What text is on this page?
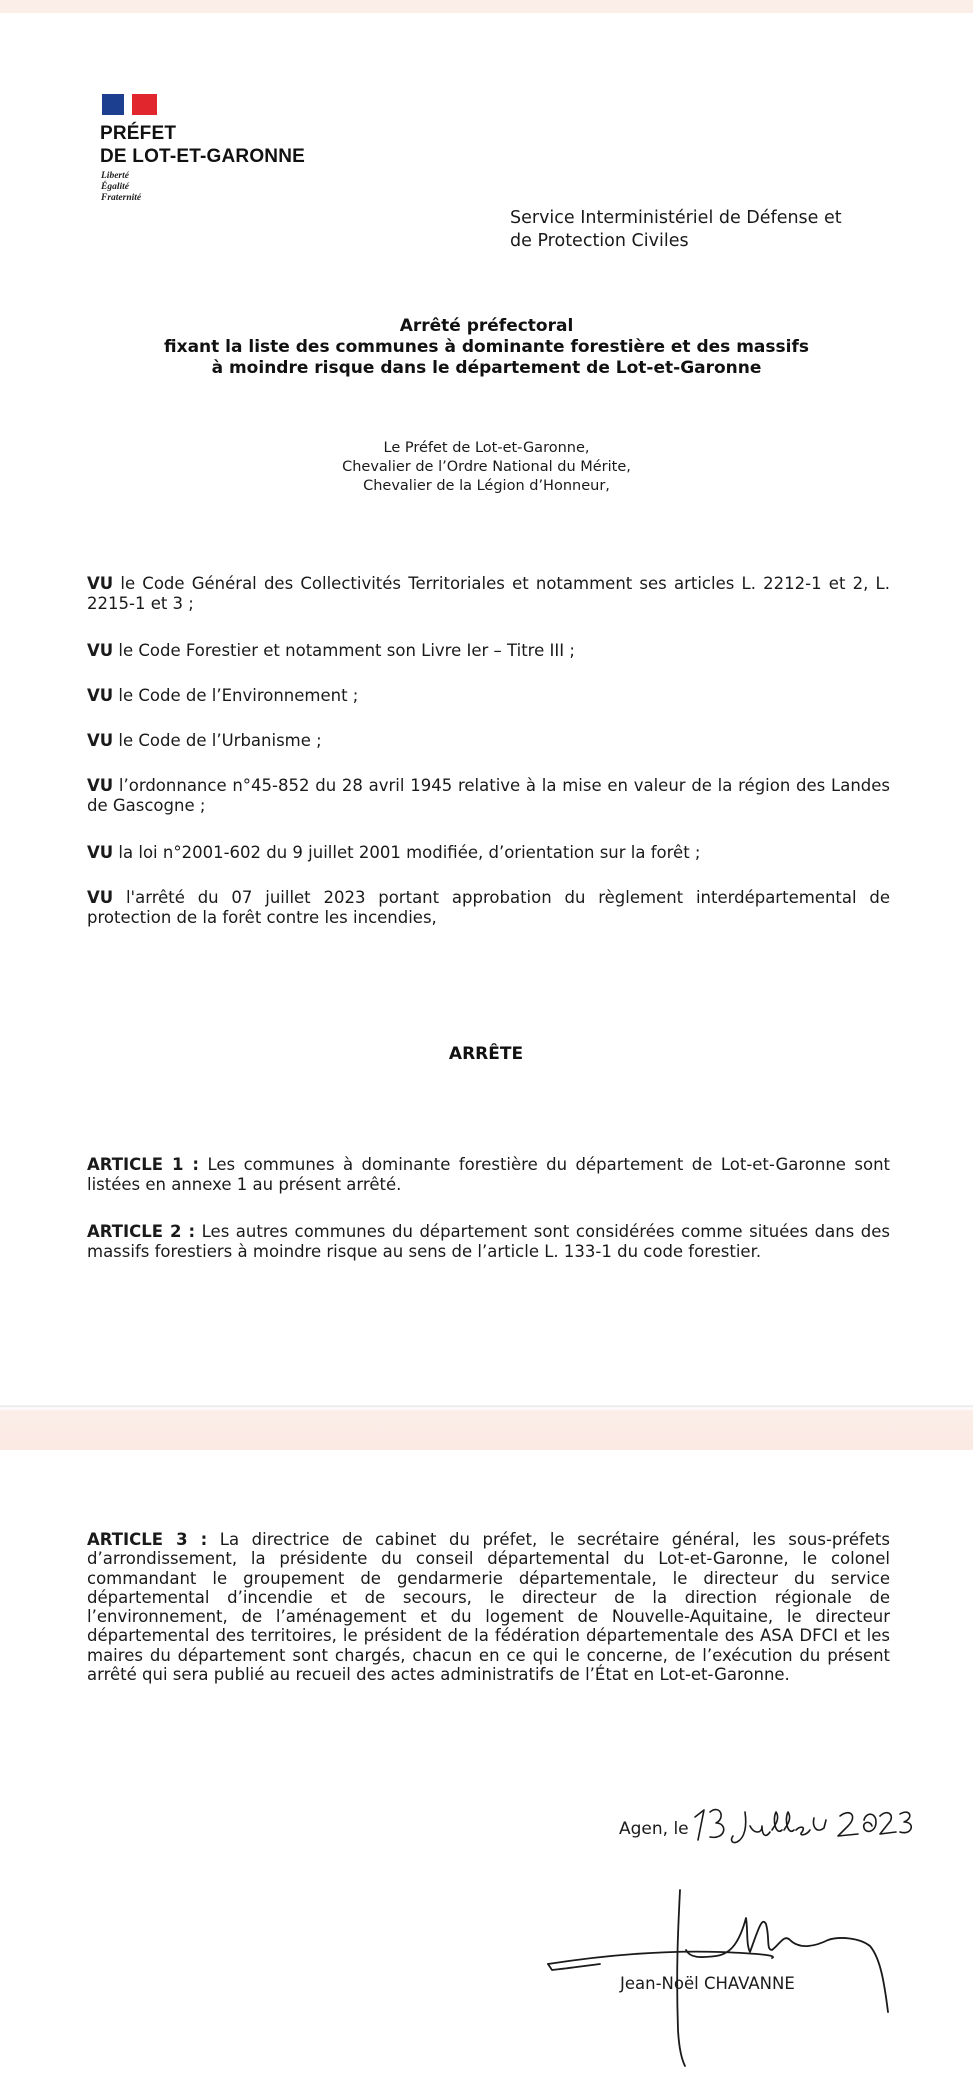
PRÉFET
DE LOT-ET-GARONNE
Liberté
Égalité
Fraternité
Service Interministériel de Défense et
de Protection Civiles
Arrêté préfectoral
fixant la liste des communes à dominante forestière et des massifs
à moindre risque dans le département de Lot-et-Garonne
Le Préfet de Lot-et-Garonne,
Chevalier de l’Ordre National du Mérite,
Chevalier de la Légion d’Honneur,
VU le Code Général des Collectivités Territoriales et notamment ses articles L. 2212-1 et 2, L. 2215-1 et 3 ;
VU le Code Forestier et notamment son Livre Ier – Titre III ;
VU le Code de l’Environnement ;
VU le Code de l’Urbanisme ;
VU l’ordonnance n°45-852 du 28 avril 1945 relative à la mise en valeur de la région des Landes de Gascogne ;
VU la loi n°2001-602 du 9 juillet 2001 modifiée, d’orientation sur la forêt ;
VU l'arrêté du 07 juillet 2023 portant approbation du règlement interdépartemental de protection de la forêt contre les incendies,
ARRÊTE
ARTICLE 1 : Les communes à dominante forestière du département de Lot-et-Garonne sont listées en annexe 1 au présent arrêté.
ARTICLE 2 : Les autres communes du département sont considérées comme situées dans des massifs forestiers à moindre risque au sens de l’article L. 133-1 du code forestier.
ARTICLE 3 : La directrice de cabinet du préfet, le secrétaire général, les sous-préfets d’arrondissement, la présidente du conseil départemental du Lot-et-Garonne, le colonel commandant le groupement de gendarmerie départementale, le directeur du service départemental d’incendie et de secours, le directeur de la direction régionale de l’environnement, de l’aménagement et du logement de Nouvelle-Aquitaine, le directeur départemental des territoires, le président de la fédération départementale des ASA DFCI et les maires du département sont chargés, chacun en ce qui le concerne, de l’exécution du présent arrêté qui sera publié au recueil des actes administratifs de l’État en Lot-et-Garonne.
Agen, le
Jean-Noël CHAVANNE
